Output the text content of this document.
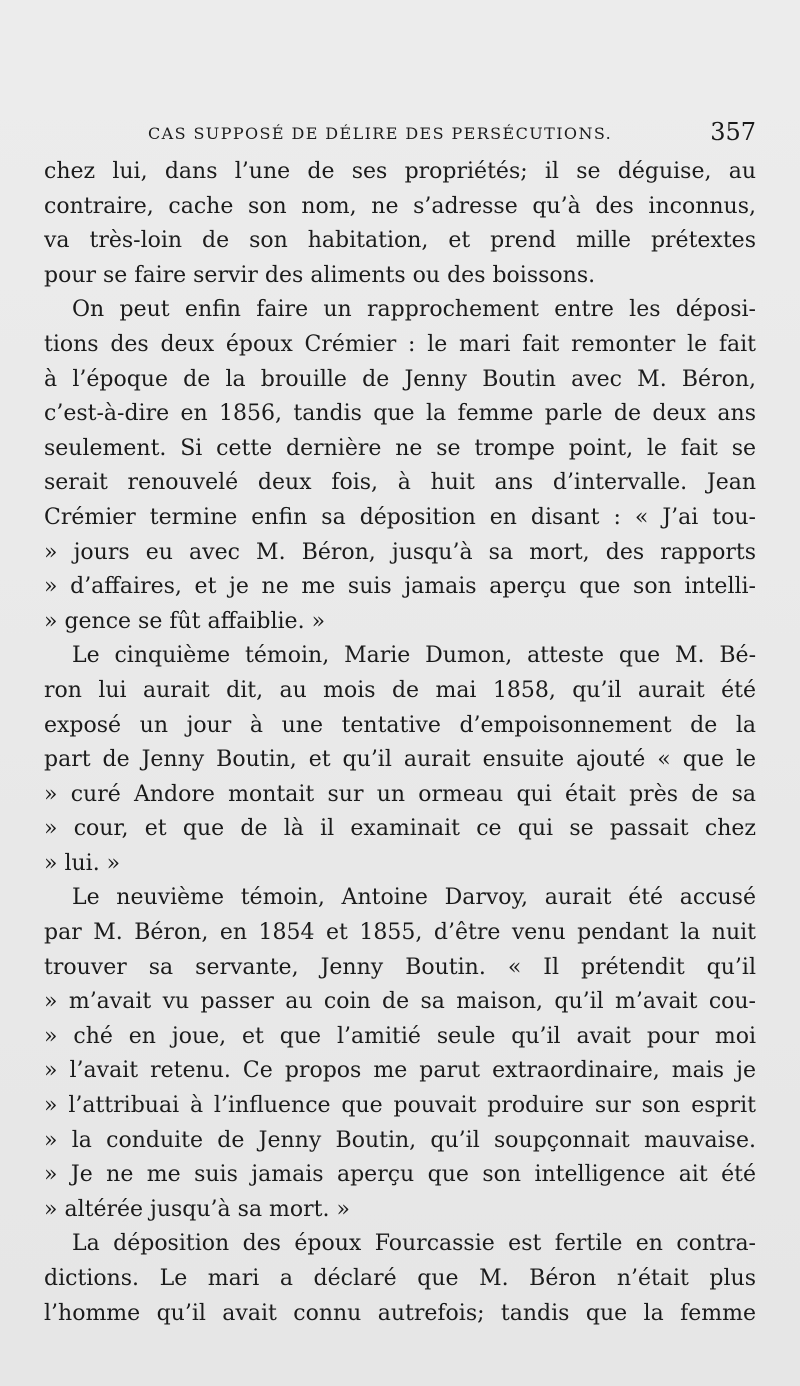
CAS SUPPOSÉ DE DÉLIRE DES PERSÉCUTIONS.	357
chez lui, dans l’une de ses propriétés; il se déguise, au
contraire, cache son nom, ne s’adresse qu’à des inconnus,
va très-loin de son habitation, et prend mille prétextes
pour se faire servir des aliments ou des boissons.
On peut enfin faire un rapprochement entre les déposi-
tions des deux époux Crémier : le mari fait remonter le fait
à l’époque de la brouille de Jenny Boutin avec M. Béron,
c’est-à-dire en 1856, tandis que la femme parle de deux ans
seulement. Si cette dernière ne se trompe point, le fait se
serait renouvelé deux fois, à huit ans d’intervalle. Jean
Crémier termine enfin sa déposition en disant : « J’ai tou-
» jours eu avec M. Béron, jusqu’à sa mort, des rapports
» d’affaires, et je ne me suis jamais aperçu que son intelli-
» gence se fût affaiblie. »
Le cinquième témoin, Marie Dumon, atteste que M. Bé-
ron lui aurait dit, au mois de mai 1858, qu’il aurait été
exposé un jour à une tentative d’empoisonnement de la
part de Jenny Boutin, et qu’il aurait ensuite ajouté « que le
» curé Andore montait sur un ormeau qui était près de sa
» cour, et que de là il examinait ce qui se passait chez
» lui. »
Le neuvième témoin, Antoine Darvoy, aurait été accusé
par M. Béron, en 1854 et 1855, d’être venu pendant la nuit
trouver sa servante, Jenny Boutin. « Il prétendit qu’il
» m’avait vu passer au coin de sa maison, qu’il m’avait cou-
» ché en joue, et que l’amitié seule qu’il avait pour moi
» l’avait retenu. Ce propos me parut extraordinaire, mais je
» l’attribuai à l’influence que pouvait produire sur son esprit
» la conduite de Jenny Boutin, qu’il soupçonnait mauvaise.
» Je ne me suis jamais aperçu que son intelligence ait été
» altérée jusqu’à sa mort. »
La déposition des époux Fourcassie est fertile en contra-
dictions. Le mari a déclaré que M. Béron n’était plus
l’homme qu’il avait connu autrefois; tandis que la femme
